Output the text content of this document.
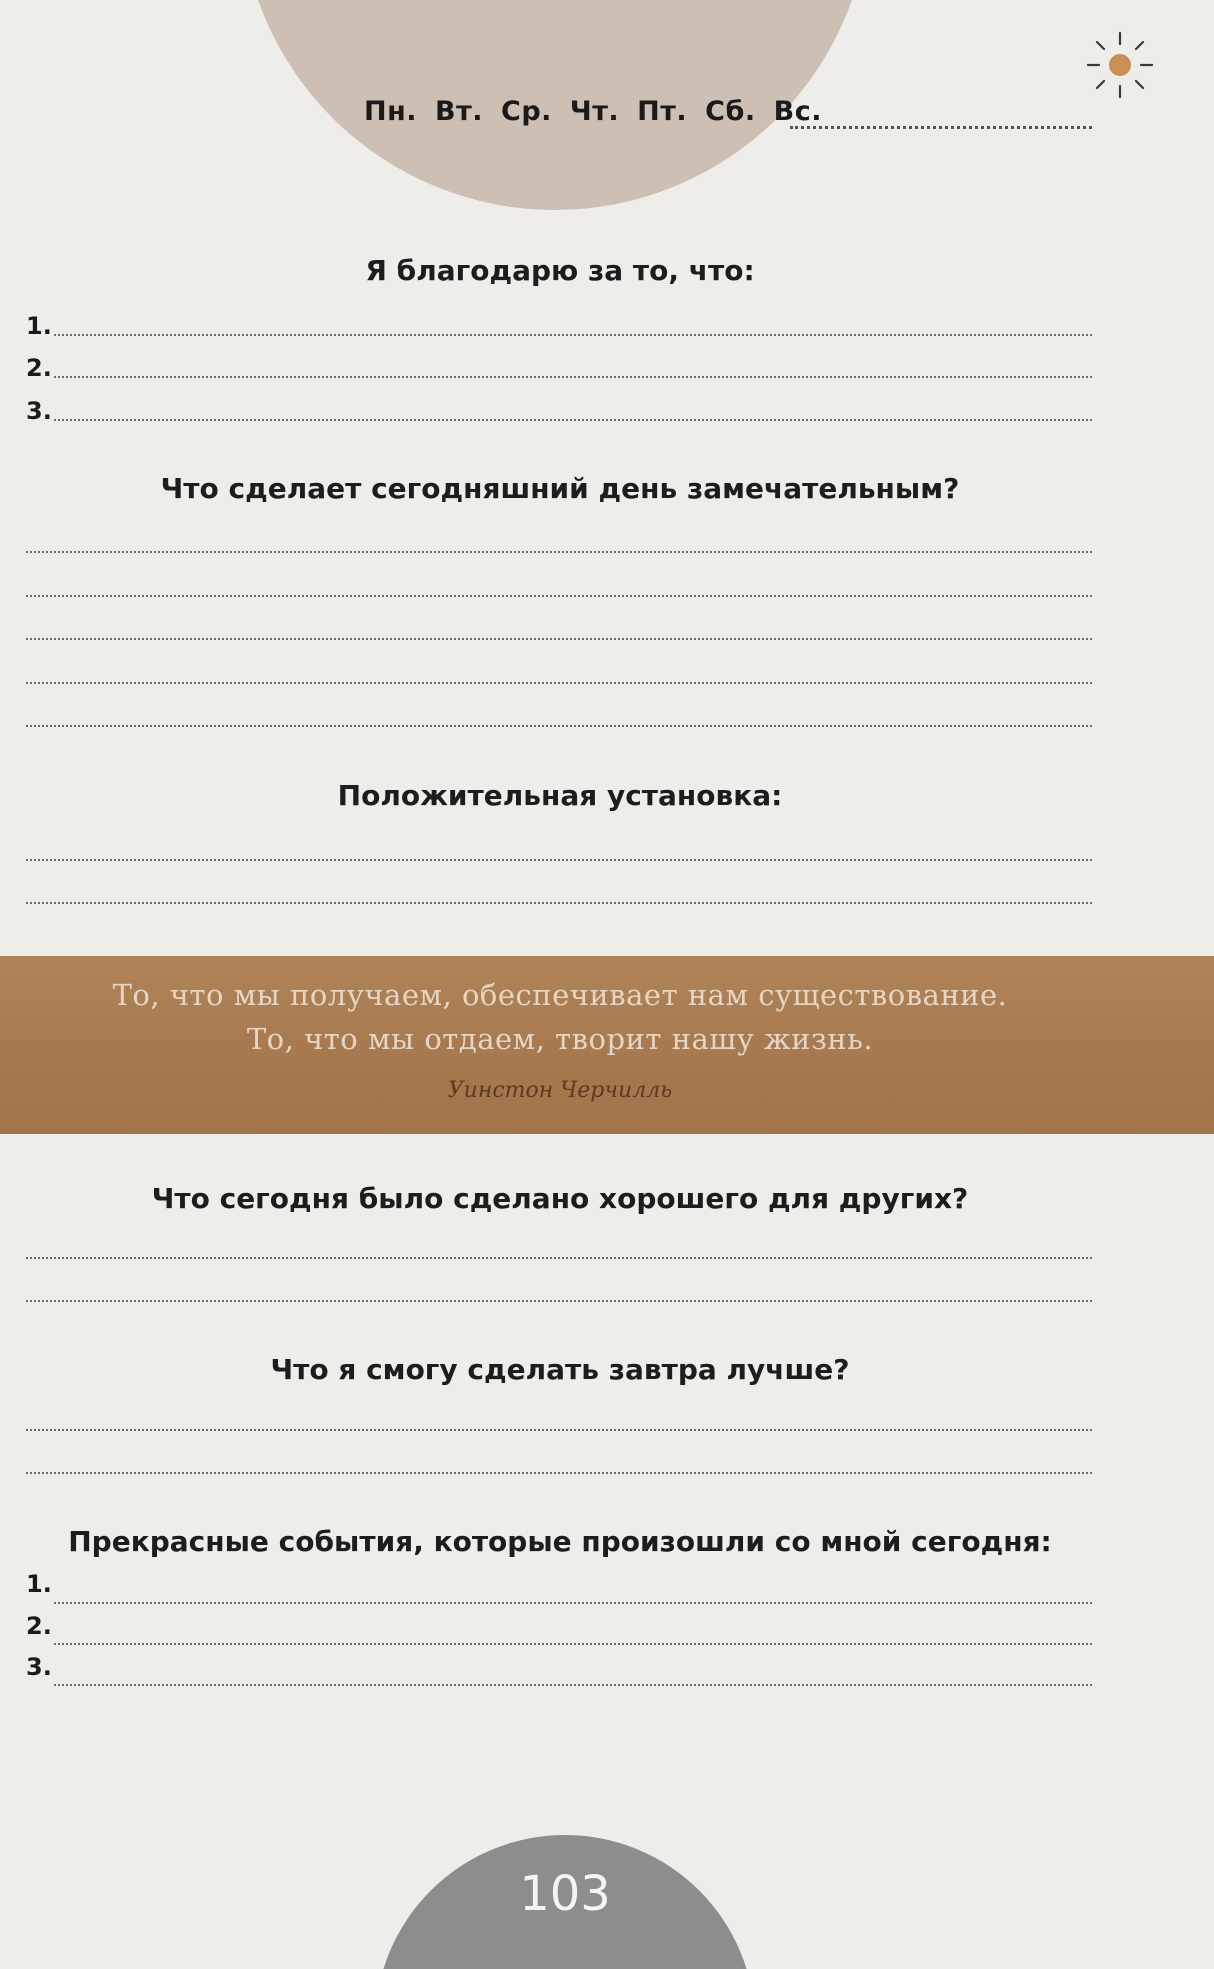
Пн. Вт. Ср. Чт. Пт. Сб. Вс.
Я благодарю за то, что:
1.
2.
3.
Что сделает сегодняшний день замечательным?
Положительная установка:
То, что мы получаем, обеспечивает нам существование.
То, что мы отдаем, творит нашу жизнь.
Уинстон Черчилль
Что сегодня было сделано хорошего для других?
Что я смогу сделать завтра лучше?
Прекрасные события, которые произошли со мной сегодня:
1.
2.
3.
103
